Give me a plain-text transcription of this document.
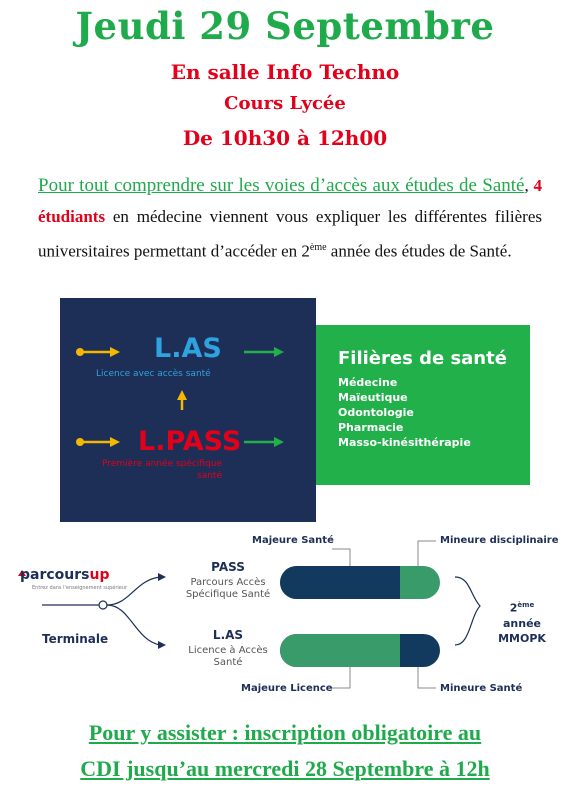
Jeudi 29 Septembre
En salle Info Techno
Cours Lycée
De 10h30 à 12h00
Pour tout comprendre sur les voies d’accès aux études de Santé, 4 étudiants en médecine viennent vous expliquer les différentes filières universitaires permettant d’accéder en 2ème année des études de Santé.
L.AS
Licence avec accès santé
L.PASS
Première année spécifique santé
Filières de santé
Médecine
Maïeutique
Odontologie
Pharmacie
Masso-kinésithérapie
parcoursup
Entrez dans l'enseignement supérieur
Terminale
PASS
Parcours Accès Spécifique Santé
L.AS
Licence à Accès Santé
Majeure Santé	Mineure disciplinaire
Majeure Licence	Mineure Santé
2ème année
MMOPK
Pour y assister : inscription obligatoire au
CDI jusqu’au mercredi 28 Septembre à 12h
